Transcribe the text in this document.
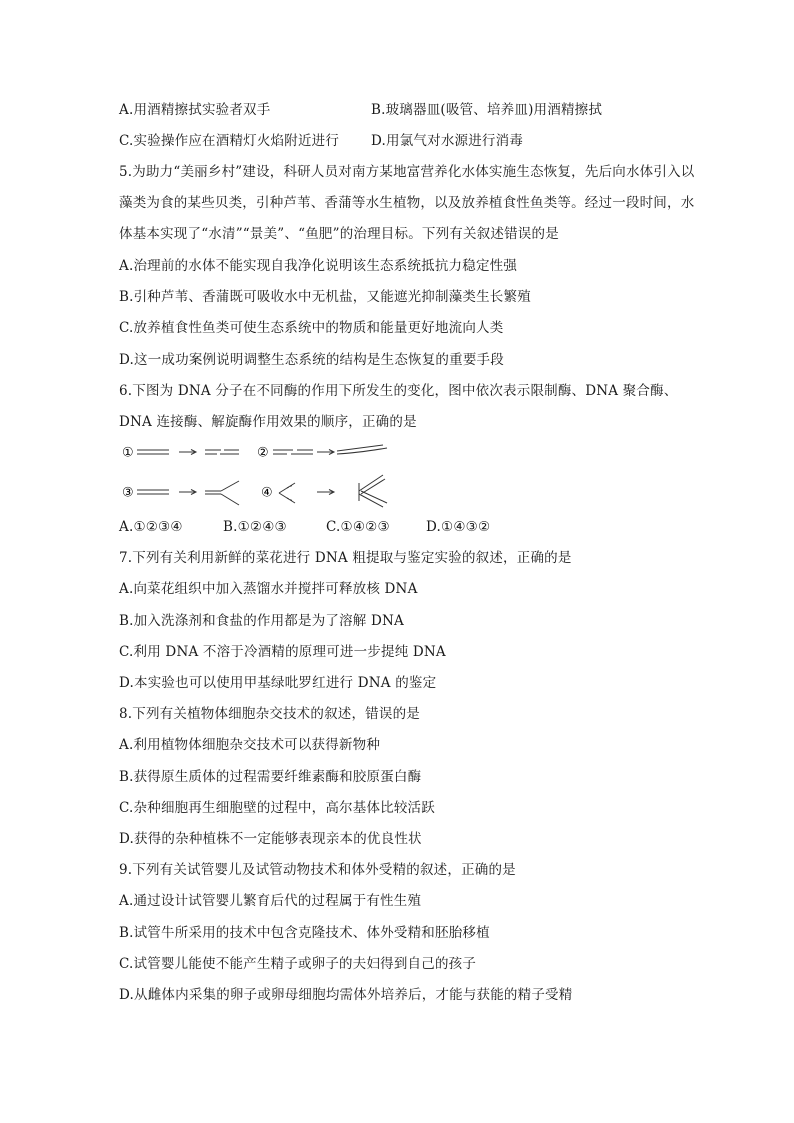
A.用酒精擦拭实验者双手	B.玻璃器皿(吸管、培养皿)用酒精擦拭
C.实验操作应在酒精灯火焰附近进行	D.用氯气对水源进行消毒
5.为助力“美丽乡村”建设，科研人员对南方某地富营养化水体实施生态恢复，先后向水体引入以藻类为食的某些贝类，引种芦苇、香蒲等水生植物，以及放养植食性鱼类等。经过一段时间，水体基本实现了“水清”“景美”、“鱼肥”的治理目标。下列有关叙述错误的是
A.治理前的水体不能实现自我净化说明该生态系统抵抗力稳定性强
B.引种芦苇、香蒲既可吸收水中无机盐，又能遮光抑制藻类生长繁殖
C.放养植食性鱼类可使生态系统中的物质和能量更好地流向人类
D.这一成功案例说明调整生态系统的结构是生态恢复的重要手段
6.下图为 DNA 分子在不同酶的作用下所发生的变化，图中依次表示限制酶、DNA 聚合酶、
DNA 连接酶、解旋酶作用效果的顺序，正确的是
①	②
③	④
A.①②③④	B.①②④③	C.①④②③	D.①④③②
7.下列有关利用新鲜的菜花进行 DNA 粗提取与鉴定实验的叙述，正确的是
A.向菜花组织中加入蒸馏水并搅拌可释放核 DNA
B.加入洗涤剂和食盐的作用都是为了溶解 DNA
C.利用 DNA 不溶于冷酒精的原理可进一步提纯 DNA
D.本实验也可以使用甲基绿吡罗红进行 DNA 的鉴定
8.下列有关植物体细胞杂交技术的叙述，错误的是
A.利用植物体细胞杂交技术可以获得新物种
B.获得原生质体的过程需要纤维素酶和胶原蛋白酶
C.杂种细胞再生细胞壁的过程中，高尔基体比较活跃
D.获得的杂种植株不一定能够表现亲本的优良性状
9.下列有关试管婴儿及试管动物技术和体外受精的叙述，正确的是
A.通过设计试管婴儿繁育后代的过程属于有性生殖
B.试管牛所采用的技术中包含克隆技术、体外受精和胚胎移植
C.试管婴儿能使不能产生精子或卵子的夫妇得到自己的孩子
D.从雌体内采集的卵子或卵母细胞均需体外培养后，才能与获能的精子受精
